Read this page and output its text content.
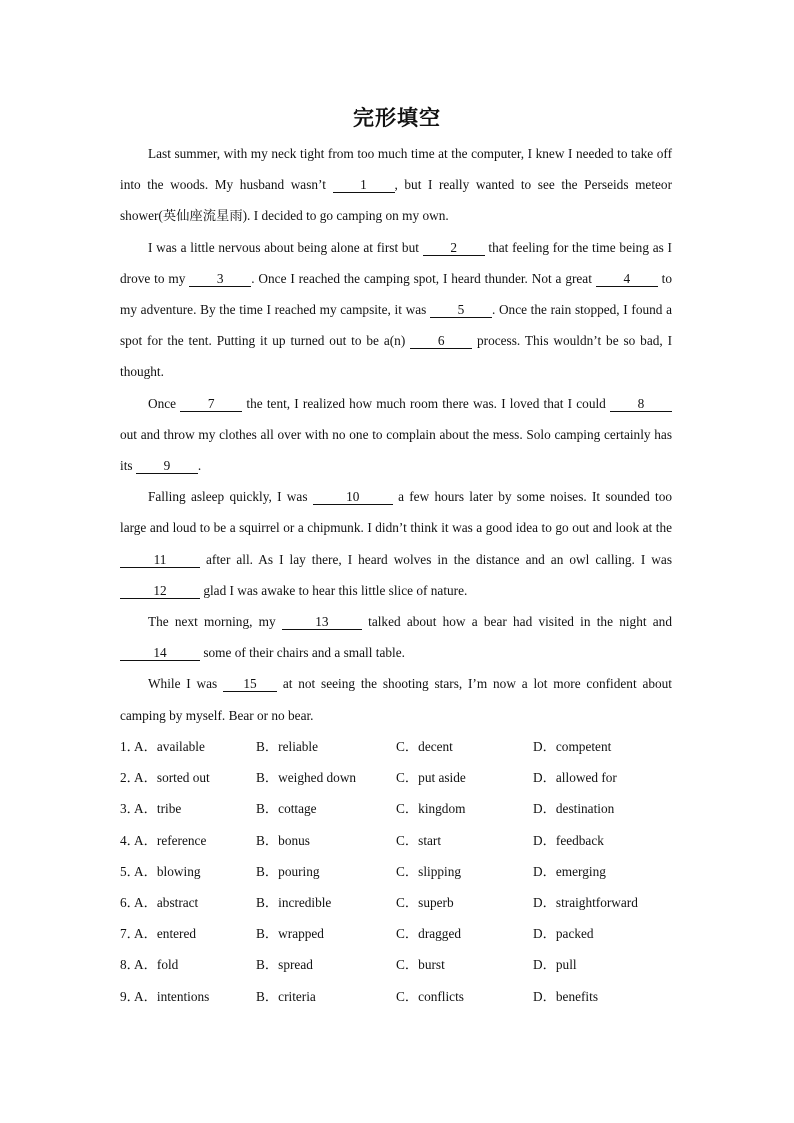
完形填空

Last summer, with my neck tight from too much time at the computer, I knew I needed to take off into the woods. My husband wasn’t 1 , but I really wanted to see the Perseids meteor shower(英仙座流星雨). I decided to go camping on my own.

I was a little nervous about being alone at first but 2 that feeling for the time being as I drove to my 3 . Once I reached the camping spot, I heard thunder. Not a great 4 to my adventure. By the time I reached my campsite, it was 5 . Once the rain stopped, I found a spot for the tent. Putting it up turned out to be a(n) 6 process. This wouldn’t be so bad, I thought.

Once 7 the tent, I realized how much room there was. I loved that I could 8 out and throw my clothes all over with no one to complain about the mess. Solo camping certainly has its 9 .

Falling asleep quickly, I was	10	a few hours later by some noises. It sounded too large and loud to be a squirrel or a chipmunk. I didn’t think it was a good idea to go out and look at the 11	after all. As I lay there, I heard wolves in the distance and an owl calling. I was 12	glad I was awake to hear this little slice of nature.

The next morning, my	13	talked about how a bear had visited in the night and14	some of their chairs and a small table.

While I was 15 at not seeing the shooting stars, I’m now a lot more confident about camping by myself. Bear or no bear.

1．
A．available	B．reliable	C．decent	D．competent
2．
A．sorted out	B．weighed down	C．put aside	D．allowed for
3．
A．tribe	B．cottage	C．kingdom	D．destination
4．
A．reference	B．bonus	C．start	D．feedback
5．
A．blowing	B．pouring	C．slipping	D．emerging
6．
A．abstract	B．incredible	C．superb	D．straightforward
7．
A．entered	B．wrapped	C．dragged	D．packed
8．
A．fold	B．spread	C．burst	D．pull
9．
A．intentions	B．criteria	C．conflicts	D．benefits
